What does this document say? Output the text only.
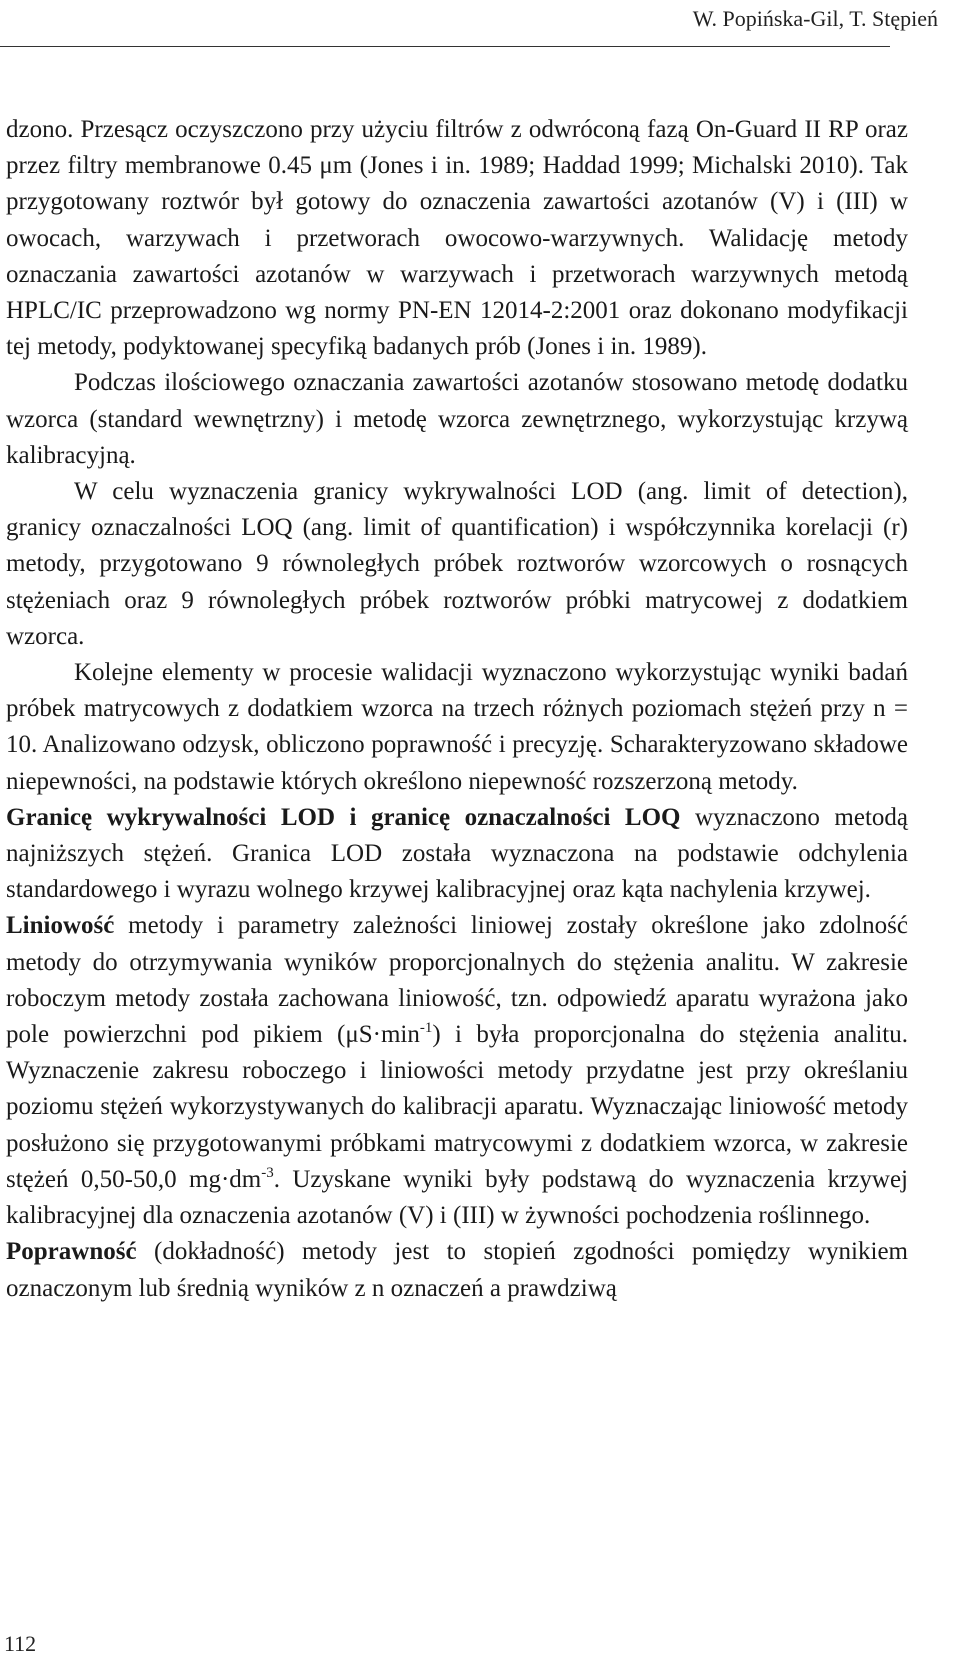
W. Popińska-Gil, T. Stępień

dzono. Przesącz oczyszczono przy użyciu filtrów z odwróconą fazą On-Guard II RP oraz przez filtry membranowe 0.45 μm (Jones i in. 1989; Haddad 1999; Michalski 2010). Tak przygotowany roztwór był gotowy do oznaczenia zawartości azotanów (V) i (III) w owocach, warzywach i przetworach owocowo-warzywnych. Walidację metody oznaczania zawartości azotanów w warzywach i przetworach warzywnych metodą HPLC/IC przeprowadzono wg normy PN-EN 12014-2:2001 oraz dokonano modyfikacji tej metody, podyktowanej specyfiką badanych prób (Jones i in. 1989).

Podczas ilościowego oznaczania zawartości azotanów stosowano metodę dodatku wzorca (standard wewnętrzny) i metodę wzorca zewnętrznego, wykorzystując krzywą kalibracyjną.

W celu wyznaczenia granicy wykrywalności LOD (ang. limit of detection), granicy oznaczalności LOQ (ang. limit of quantification) i współczynnika korelacji (r) metody, przygotowano 9 równoległych próbek roztworów wzorcowych o rosnących stężeniach oraz 9 równoległych próbek roztworów próbki matrycowej z dodatkiem wzorca.

Kolejne elementy w procesie walidacji wyznaczono wykorzystując wyniki badań próbek matrycowych z dodatkiem wzorca na trzech różnych poziomach stężeń przy n = 10. Analizowano odzysk, obliczono poprawność i precyzję. Scharakteryzowano składowe niepewności, na podstawie których określono niepewność rozszerzoną metody.

Granicę wykrywalności LOD i granicę oznaczalności LOQ wyznaczono metodą najniższych stężeń. Granica LOD została wyznaczona na podstawie odchylenia standardowego i wyrazu wolnego krzywej kalibracyjnej oraz kąta nachylenia krzywej.

Liniowość metody i parametry zależności liniowej zostały określone jako zdolność metody do otrzymywania wyników proporcjonalnych do stężenia analitu. W zakresie roboczym metody została zachowana liniowość, tzn. odpowiedź aparatu wyrażona jako pole powierzchni pod pikiem $(\mu S\cdot\min^{-1})$ i była proporcjonalna do stężenia analitu. Wyznaczenie zakresu roboczego i liniowości metody przydatne jest przy określaniu poziomu stężeń wykorzystywanych do kalibracji aparatu. Wyznaczając liniowość metody posłużono się przygotowanymi próbkami matrycowymi z dodatkiem wzorca, w zakresie stężeń 0,50-50,0 $mg\cdot dm^{-3}$. Uzyskane wyniki były podstawą do wyznaczenia krzywej kalibracyjnej dla oznaczenia azotanów (V) i (III) w żywności pochodzenia roślinnego.

Poprawność (dokładność) metody jest to stopień zgodności pomiędzy wynikiem oznaczonym lub średnią wyników z n oznaczeń a prawdziwą

112
